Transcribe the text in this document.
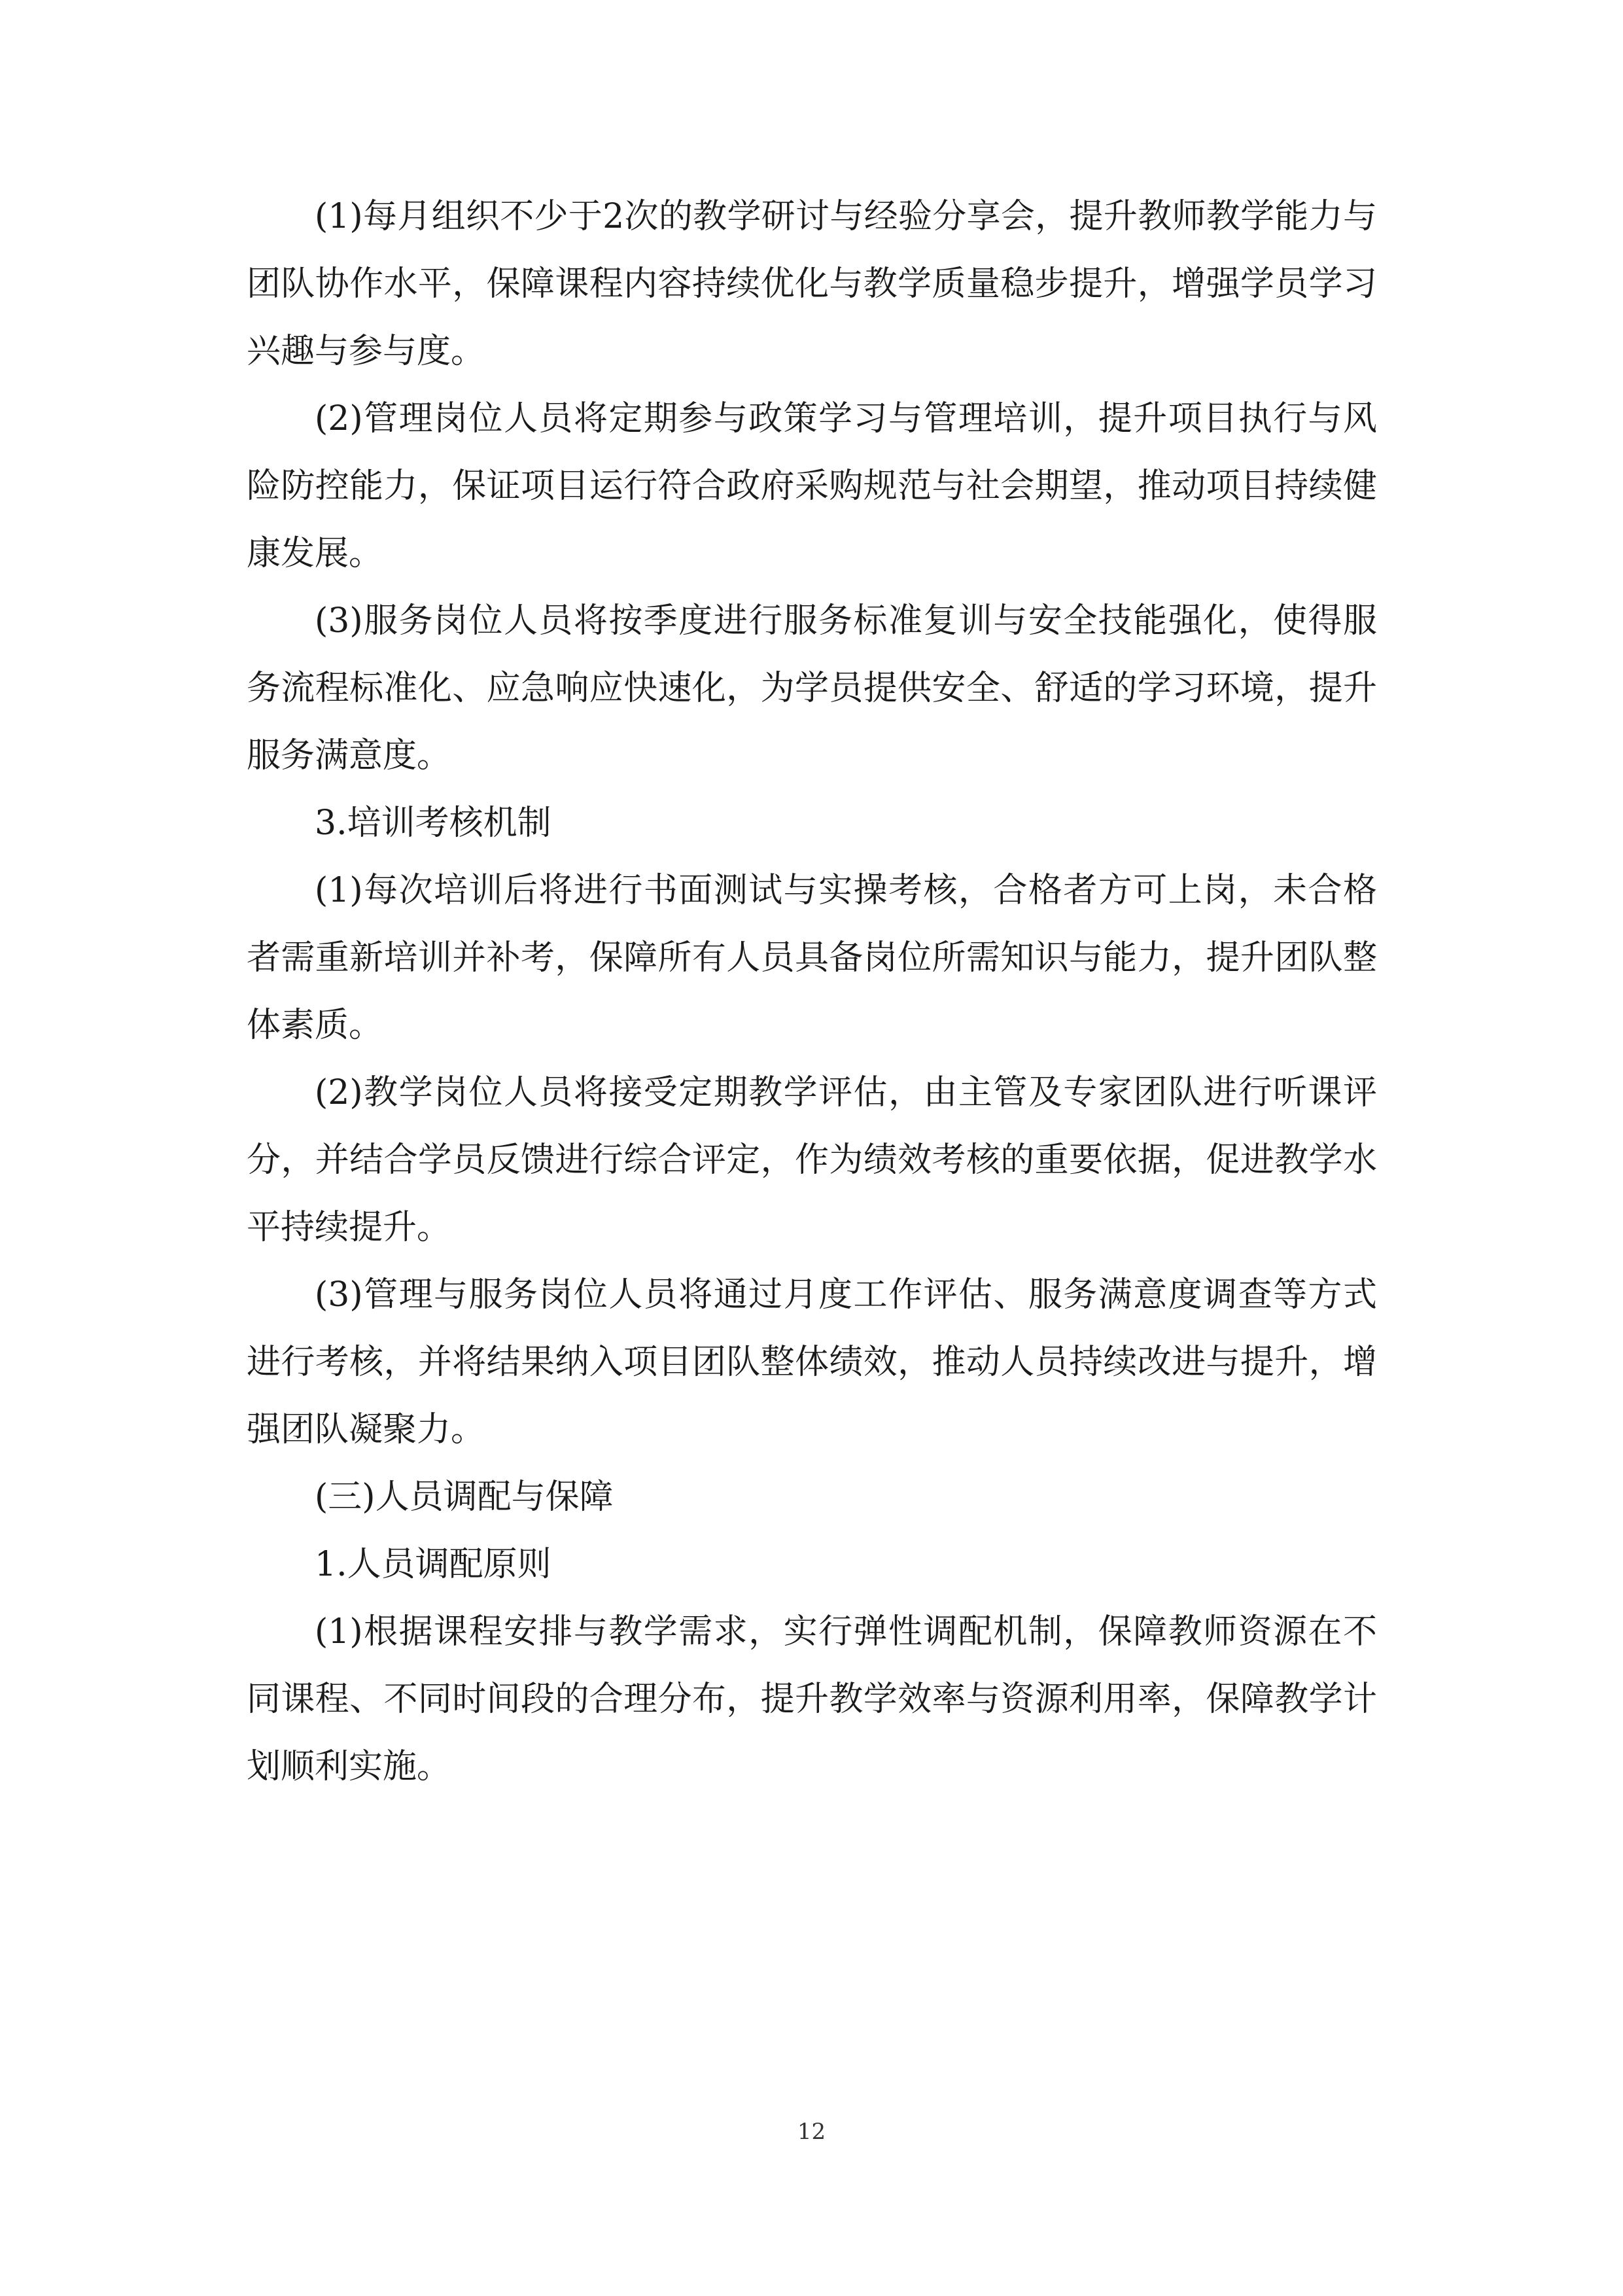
(1)每月组织不少于2次的教学研讨与经验分享会，提升教师教学能力与团队协作水平，保障课程内容持续优化与教学质量稳步提升，增强学员学习兴趣与参与度。

(2)管理岗位人员将定期参与政策学习与管理培训，提升项目执行与风险防控能力，保证项目运行符合政府采购规范与社会期望，推动项目持续健康发展。

(3)服务岗位人员将按季度进行服务标准复训与安全技能强化，使得服务流程标准化、应急响应快速化，为学员提供安全、舒适的学习环境，提升服务满意度。

3.培训考核机制

(1)每次培训后将进行书面测试与实操考核，合格者方可上岗，未合格者需重新培训并补考，保障所有人员具备岗位所需知识与能力，提升团队整体素质。

(2)教学岗位人员将接受定期教学评估，由主管及专家团队进行听课评分，并结合学员反馈进行综合评定，作为绩效考核的重要依据，促进教学水平持续提升。

(3)管理与服务岗位人员将通过月度工作评估、服务满意度调查等方式进行考核，并将结果纳入项目团队整体绩效，推动人员持续改进与提升，增强团队凝聚力。

(三)人员调配与保障

1.人员调配原则

(1)根据课程安排与教学需求，实行弹性调配机制，保障教师资源在不同课程、不同时间段的合理分布，提升教学效率与资源利用率，保障教学计划顺利实施。

12
